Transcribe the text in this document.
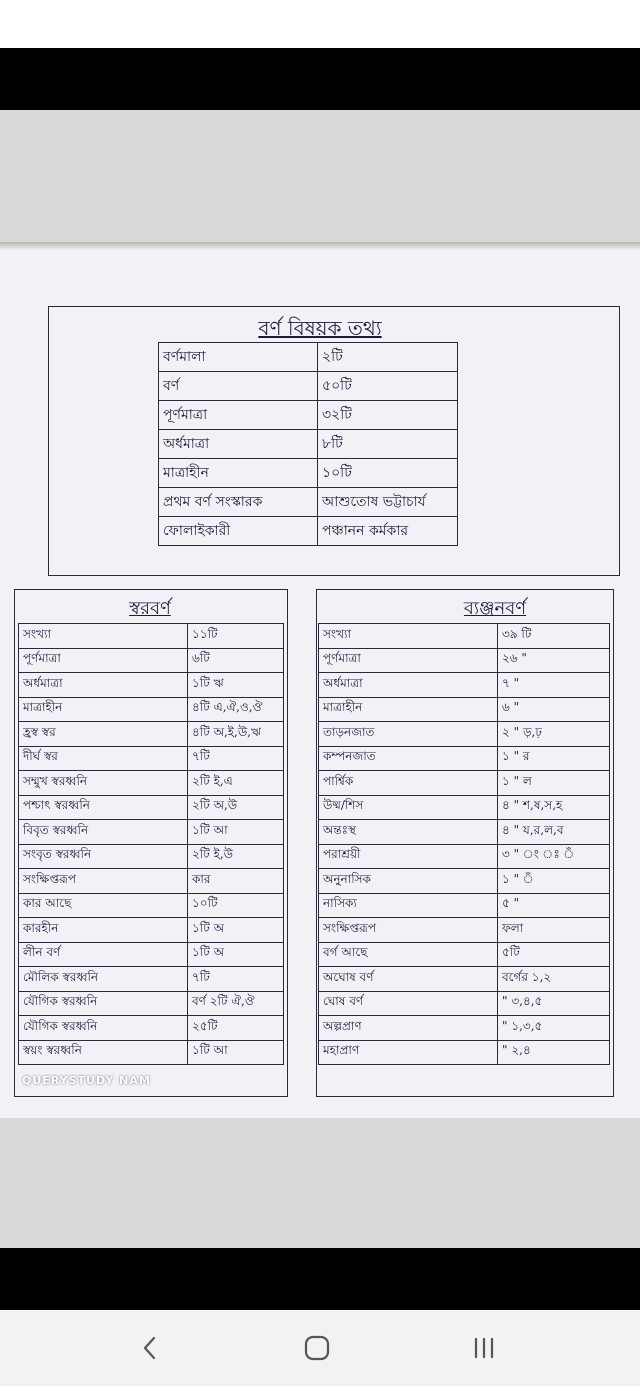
বর্ণ বিষয়ক তথ্য
বর্ণমালা	২টি
বর্ণ	৫০টি
পূর্ণমাত্রা	৩২টি
অর্ধমাত্রা	৮টি
মাত্রাহীন	১০টি
প্রথম বর্ণ সংস্কারক	আশুতোষ ভট্টাচার্য
ফোলাইকারী	পঞ্চানন কর্মকার
স্বরবর্ণ
সংখ্যা	১১টি
পূর্ণমাত্রা	৬টি
অর্ধমাত্রা	১টি ঋ
মাত্রাহীন	৪টি এ,ঐ,ও,ঔ
হ্রস্ব স্বর	৪টি অ,ই,উ,ঋ
দীর্ঘ স্বর	৭টি
সম্মুখ স্বরধ্বনি	২টি ই,এ
পশ্চাৎ স্বরধ্বনি	২টি অ,উ
বিবৃত স্বরধ্বনি	১টি আ
সংবৃত স্বরধ্বনি	২টি ই,উ
সংক্ষিপ্তরূপ	কার
কার আছে	১০টি
কারহীন	১টি অ
লীন বর্ণ	১টি অ
মৌলিক স্বরধ্বনি	৭টি
যৌগিক স্বরধ্বনি	বর্ণ ২টি ঐ,ঔ
যৌগিক স্বরধ্বনি	২৫টি
স্বয়ং স্বরধ্বনি	১টি আ
ব্যঞ্জনবর্ণ
সংখ্যা	৩৯ টি
পূর্ণমাত্রা	২৬ "
অর্ধমাত্রা	৭ "
মাত্রাহীন	৬ "
তাড়নজাত	২ " ড়,ঢ়
কম্পনজাত	১ " র
পার্শ্বিক	১ " ল
উষ্ম/শিস	৪ " শ,ষ,স,হ
অন্তঃস্থ	৪ " য,র,ল,ব
পরাশ্রয়ী	৩ " ং ঃ ঁ
অনুনাসিক	১ " ঁ
নাসিক্য	৫ "
সংক্ষিপ্তরূপ	ফলা
বর্গ আছে	৫টি
অঘোষ বর্ণ	বর্গের ১,২
ঘোষ বর্ণ	" ৩,৪,৫
অল্পপ্রাণ	" ১,৩,৫
মহাপ্রাণ	" ২,৪
QUERYSTUDY NAM
